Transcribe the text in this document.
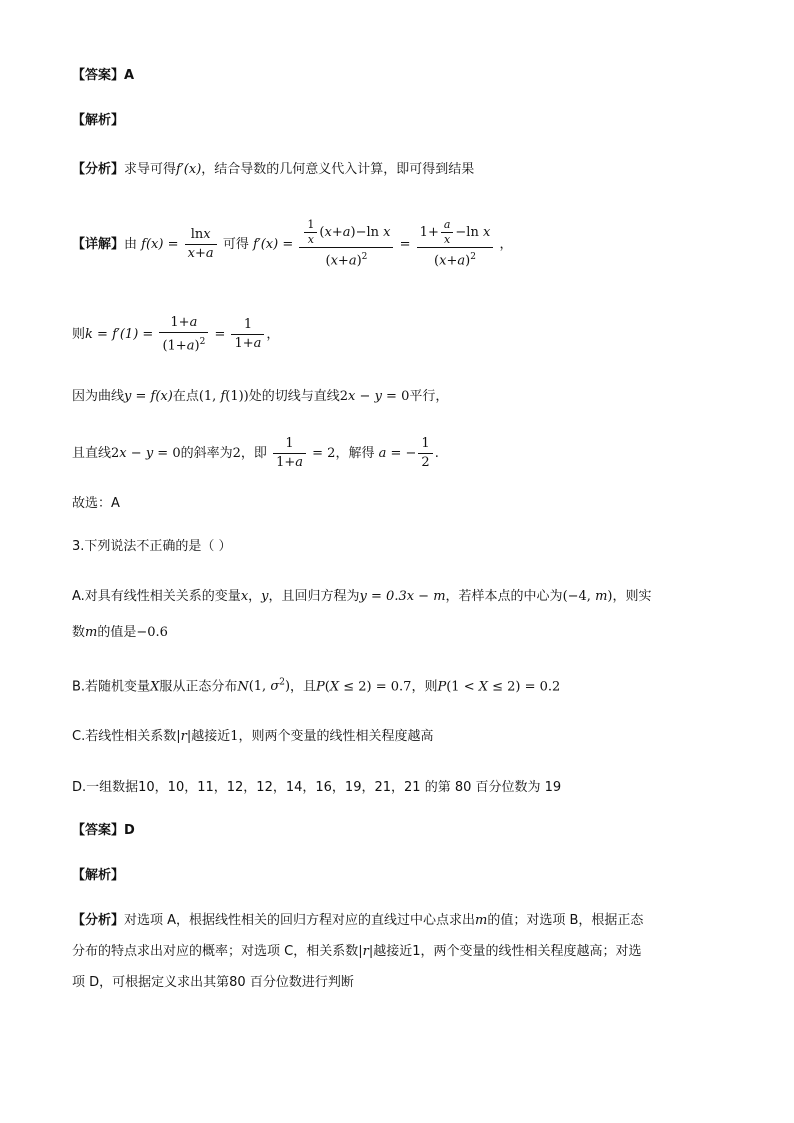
【答案】A
【解析】
【分析】求导可得f′(x)，结合导数的几何意义代入计算，即可得到结果
【详解】由 $f(x) = \frac{\ln x}{x+a}$ 可得 $f'(x) = \frac{\frac{1}{x} (x+a)-\ln x}{(x+a)^2} = \frac{1+ \frac{a}{x} -\ln x}{(x+a)^2}$ ，
则$k = f'(1) = \frac{1+a}{(1+a)^2} = \frac{1}{1+a}$ ，
因为曲线y = f(x)在点(1, f(1))处的切线与直线2x − y = 0平行，
且直线2x − y = 0的斜率为2，即 $\frac{1}{1+a} = 2$，解得 a = − $\frac{1}{2}$ .
故选：A
3.下列说法不正确的是（ ）
A.对具有线性相关关系的变量x，y，且回归方程为y = 0.3x − m，若样本点的中心为(−4, m)，则实
数m的值是−0.6
B.若随机变量X服从正态分布N(1, $\sigma^2$)，且P(X ≤ 2) = 0.7，则P(1 < X ≤ 2) = 0.2
C.若线性相关系数|r|越接近1，则两个变量的线性相关程度越高
D.一组数据10，10，11，12，12，14，16，19，21，21 的第 80 百分位数为 19
【答案】D
【解析】
【分析】对选项 A，根据线性相关的回归方程对应的直线过中心点求出m的值；对选项 B，根据正态
分布的特点求出对应的概率；对选项 C，相关系数|r|越接近1，两个变量的线性相关程度越高；对选
项 D，可根据定义求出其第80 百分位数进行判断
